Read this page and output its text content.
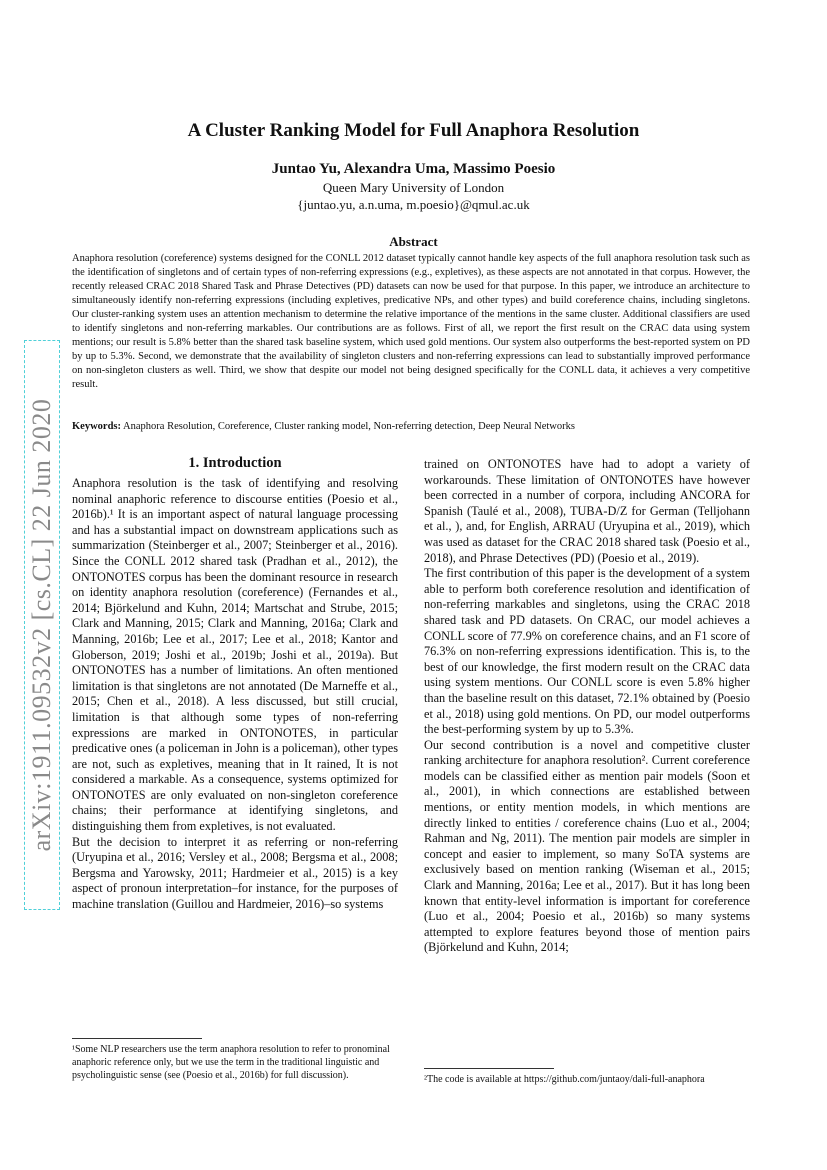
arXiv:1911.09532v2 [cs.CL] 22 Jun 2020
A Cluster Ranking Model for Full Anaphora Resolution
Juntao Yu, Alexandra Uma, Massimo Poesio
Queen Mary University of London
{juntao.yu, a.n.uma, m.poesio}@qmul.ac.uk
Abstract
Anaphora resolution (coreference) systems designed for the CONLL 2012 dataset typically cannot handle key aspects of the full anaphora resolution task such as the identification of singletons and of certain types of non-referring expressions (e.g., expletives), as these aspects are not annotated in that corpus. However, the recently released CRAC 2018 Shared Task and Phrase Detectives (PD) datasets can now be used for that purpose. In this paper, we introduce an architecture to simultaneously identify non-referring expressions (including expletives, predicative NPs, and other types) and build coreference chains, including singletons. Our cluster-ranking system uses an attention mechanism to determine the relative importance of the mentions in the same cluster. Additional classifiers are used to identify singletons and non-referring markables. Our contributions are as follows. First of all, we report the first result on the CRAC data using system mentions; our result is 5.8% better than the shared task baseline system, which used gold mentions. Our system also outperforms the best-reported system on PD by up to 5.3%. Second, we demonstrate that the availability of singleton clusters and non-referring expressions can lead to substantially improved performance on non-singleton clusters as well. Third, we show that despite our model not being designed specifically for the CONLL data, it achieves a very competitive result.
Keywords: Anaphora Resolution, Coreference, Cluster ranking model, Non-referring detection, Deep Neural Networks
1. Introduction

Anaphora resolution is the task of identifying and resolving nominal anaphoric reference to discourse entities (Poesio et al., 2016b).¹ It is an important aspect of natural language processing and has a substantial impact on downstream applications such as summarization (Steinberger et al., 2007; Steinberger et al., 2016). Since the CONLL 2012 shared task (Pradhan et al., 2012), the ONTONOTES corpus has been the dominant resource in research on identity anaphora resolution (coreference) (Fernandes et al., 2014; Björkelund and Kuhn, 2014; Martschat and Strube, 2015; Clark and Manning, 2015; Clark and Manning, 2016a; Clark and Manning, 2016b; Lee et al., 2017; Lee et al., 2018; Kantor and Globerson, 2019; Joshi et al., 2019b; Joshi et al., 2019a). But ONTONOTES has a number of limitations. An often mentioned limitation is that singletons are not annotated (De Marneffe et al., 2015; Chen et al., 2018). A less discussed, but still crucial, limitation is that although some types of non-referring expressions are marked in ONTONOTES, in particular predicative ones (a policeman in John is a policeman), other types are not, such as expletives, meaning that in It rained, It is not considered a markable. As a consequence, systems optimized for ONTONOTES are only evaluated on non-singleton coreference chains; their performance at identifying singletons, and distinguishing them from expletives, is not evaluated.

But the decision to interpret it as referring or non-referring (Uryupina et al., 2016; Versley et al., 2008; Bergsma et al., 2008; Bergsma and Yarowsky, 2011; Hardmeier et al., 2015) is a key aspect of pronoun interpretation–for instance, for the purposes of machine translation (Guillou and Hardmeier, 2016)–so systems

trained on ONTONOTES have had to adopt a variety of workarounds. These limitation of ONTONOTES have however been corrected in a number of corpora, including ANCORA for Spanish (Taulé et al., 2008), TUBA-D/Z for German (Telljohann et al., ), and, for English, ARRAU (Uryupina et al., 2019), which was used as dataset for the CRAC 2018 shared task (Poesio et al., 2018), and Phrase Detectives (PD) (Poesio et al., 2019).

The first contribution of this paper is the development of a system able to perform both coreference resolution and identification of non-referring markables and singletons, using the CRAC 2018 shared task and PD datasets. On CRAC, our model achieves a CONLL score of 77.9% on coreference chains, and an F1 score of 76.3% on non-referring expressions identification. This is, to the best of our knowledge, the first modern result on the CRAC data using system mentions. Our CONLL score is even 5.8% higher than the baseline result on this dataset, 72.1% obtained by (Poesio et al., 2018) using gold mentions. On PD, our model outperforms the best-performing system by up to 5.3%.

Our second contribution is a novel and competitive cluster ranking architecture for anaphora resolution². Current coreference models can be classified either as mention pair models (Soon et al., 2001), in which connections are established between mentions, or entity mention models, in which mentions are directly linked to entities / coreference chains (Luo et al., 2004; Rahman and Ng, 2011). The mention pair models are simpler in concept and easier to implement, so many SoTA systems are exclusively based on mention ranking (Wiseman et al., 2015; Clark and Manning, 2016a; Lee et al., 2017). But it has long been known that entity-level information is important for coreference (Luo et al., 2004; Poesio et al., 2016b) so many systems attempted to explore features beyond those of mention pairs (Björkelund and Kuhn, 2014;

¹Some NLP researchers use the term anaphora resolution to refer to pronominal anaphoric reference only, but we use the term in the traditional linguistic and psycholinguistic sense (see (Poesio et al., 2016b) for full discussion).	²The code is available at https://github.com/juntaoy/dali-full-anaphora
